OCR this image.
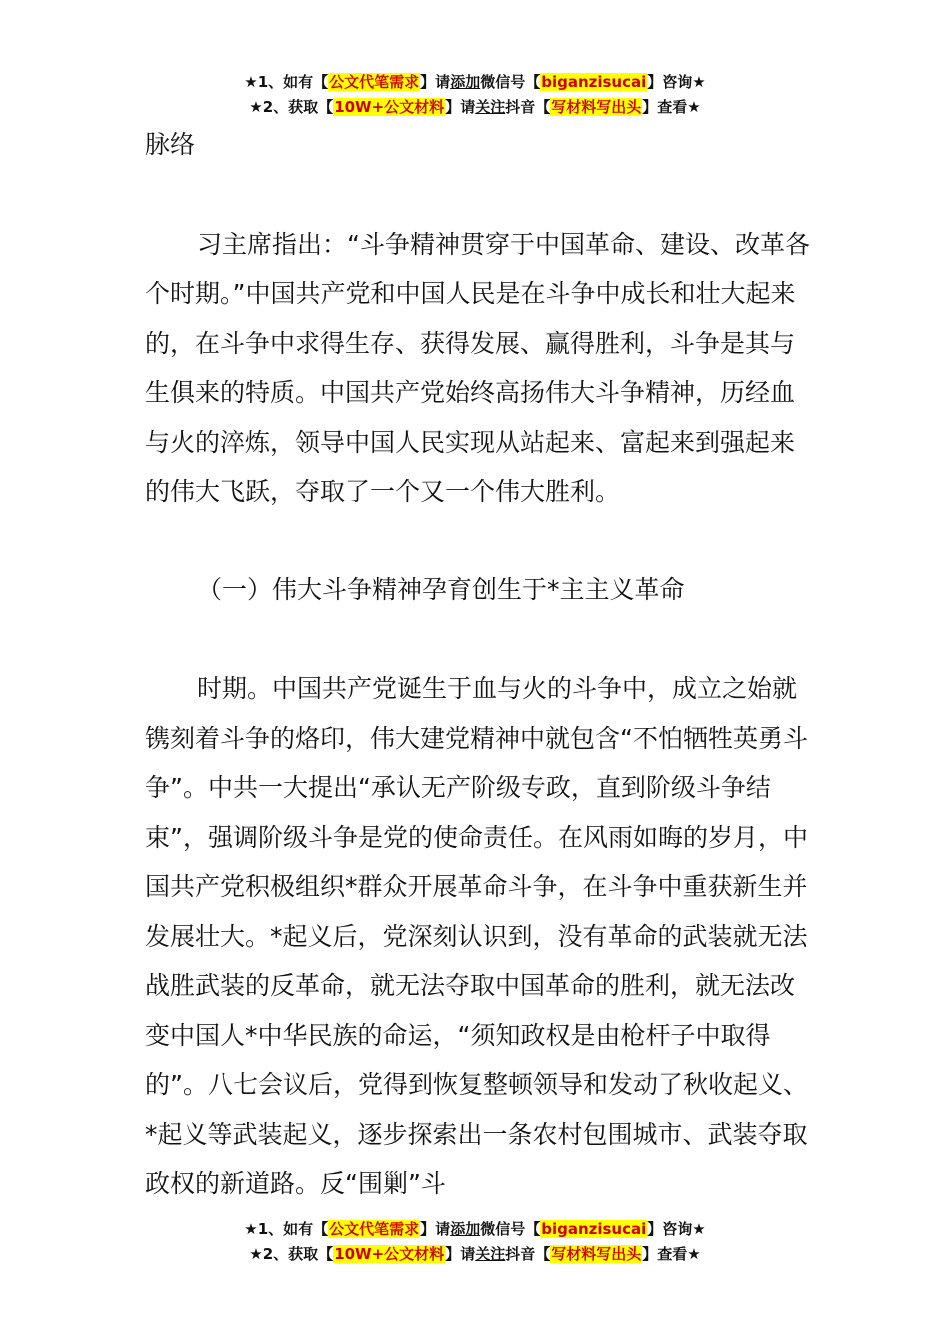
★1、如有【公文代笔需求】请添加微信号【biganzisucai】咨询★
★2、获取【10W+公文材料】请关注抖音【写材料写出头】查看★

脉络

习主席指出：“斗争精神贯穿于中国革命、建设、改革各个时期。”中国共产党和中国人民是在斗争中成长和壮大起来的，在斗争中求得生存、获得发展、赢得胜利，斗争是其与生俱来的特质。中国共产党始终高扬伟大斗争精神，历经血与火的淬炼，领导中国人民实现从站起来、富起来到强起来的伟大飞跃，夺取了一个又一个伟大胜利。

（一）伟大斗争精神孕育创生于*主主义革命

时期。中国共产党诞生于血与火的斗争中，成立之始就镌刻着斗争的烙印，伟大建党精神中就包含“不怕牺牲英勇斗争”。中共一大提出“承认无产阶级专政，直到阶级斗争结束”，强调阶级斗争是党的使命责任。在风雨如晦的岁月，中国共产党积极组织*群众开展革命斗争，在斗争中重获新生并发展壮大。*起义后，党深刻认识到，没有革命的武装就无法战胜武装的反革命，就无法夺取中国革命的胜利，就无法改变中国人*中华民族的命运，“须知政权是由枪杆子中取得的”。八七会议后，党得到恢复整顿领导和发动了秋收起义、*起义等武装起义，逐步探索出一条农村包围城市、武装夺取政权的新道路。反“围剿”斗

★1、如有【公文代笔需求】请添加微信号【biganzisucai】咨询★
★2、获取【10W+公文材料】请关注抖音【写材料写出头】查看★
